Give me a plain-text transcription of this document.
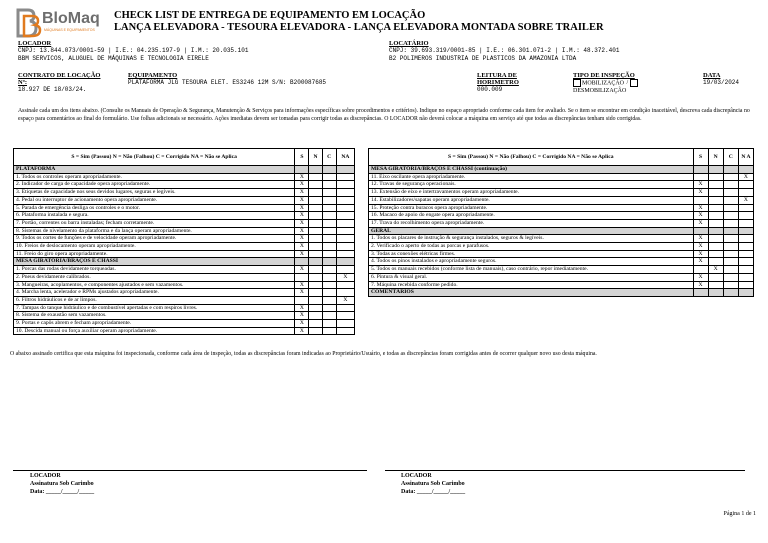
BloMaq
MÁQUINAS E EQUIPAMENTOS
CHECK LIST DE ENTREGA DE EQUIPAMENTO EM LOCAÇÃO
LANÇA ELEVADORA - TESOURA ELEVADORA - LANÇA ELEVADORA MONTADA SOBRE TRAILER
LOCADOR
CNPJ: 13.844.073/0001-59 | I.E.: 04.235.197-9 | I.M.: 20.035.101
BBM SERVICOS, ALUGUEL DE MÁQUINAS E TECNOLOGIA EIRELE
LOCATÁRIO
CNPJ: 39.693.319/0001-85 | I.E.: 06.301.071-2 | I.M.: 48.372.401
B2 POLIMEROS INDUSTRIA DE PLASTICOS DA AMAZONIA LTDA
CONTRATO DE LOCAÇÃO
Nº:
18.927 DE 18/03/24.
EQUIPAMENTO
PLATAFORMA JLG TESOURA ELET. ES3246 12M S/N: B200087685
LEITURA DE
HORIMETRO
000.009
TIPO DE INSPEÇÃO
MOBILIZAÇÃO /
DESMOBILIZAÇÃO
DATA
19/03/2024
Assinale cada um dos itens abaixo. (Consulte os Manuais de Operação & Segurança, Manutenção & Serviços para informações específicas sobre procedimentos e critérios). Indique no espaço apropriado conforme cada item for avaliado. Se o item se encontrar em condição inaceitável, descreva cada discrepância no espaço para comentários ao final do formulário. Use folhas adicionais se necessário. Ações imediatas devem ser tomadas para corrigir todas as discrepâncias. O LOCADOR não deverá colocar a máquina em serviço até que todas as discrepâncias tenham sido corrigidas.
S = Sim (Passou) N = Não (Falhou) C = Corrigido NA = Não se Aplica	S	N	C	NA
PLATAFORMA				
1. Todos os controles operam apropriadamente.	X			
2. Indicador de carga de capacidade opera apropriadamente.	X			
3. Etiquetas de capacidade nos seus devidos lugares, seguras e legíveis.	X			
4. Pedal ou interruptor de acionamento opera apropriadamente.	X			
5. Parada de emergência desliga os controles e o motor.	X			
6. Plataforma instalada e segura.	X			
7. Portão, correntes ou barra instaladas; fecham corretamente.	X			
8. Sistemas de nivelamento da plataforma e da lança operam apropriadamente.	X			
9. Todos os cortes de funções e de velocidade operam apropriadamente.	X			
10. Freios de deslocamento operam apropriadamente.	X			
11. Freio do giro opera apropriadamente.	X			
MESA GIRATÓRIA/BRAÇOS E CHASSI				
1. Porcas das rodas devidamente torqueadas.	X			
2. Pneus devidamente calibrados.				X
3. Mangueiras, acoplamentos, e componentes ajustados e sem vazamentos.	X			
4. Marcha lenta, acelerador e RPMs ajustados apropriadamente.	X			
6. Filtros hidráulicos e de ar limpos.				X
7. Tampas do tanque hidráulico e de combustível apertadas e com respiros livres.	X			
8. Sistema de exaustão sem vazamentos.	X			
9. Portas e capôs abrem e fecham apropriadamente.	X			
10. Descida manual ou força auxiliar operam apropriadamente.	X			
S = Sim (Passou) N = Não (Falhou) C = Corrigido NA = Não se Aplica	S	N	C	N A
MESA GIRATÓRIA/BRAÇOS E CHASSI (continuação)				
11. Eixo oscilante opera apropriadamente.				X
12. Travas de segurança operacionais.	X			
13. Extensão de eixo e intertravamentos operam apropriadamente.	X			
14. Estabilizadores/sapatas operam apropriadamente.				X
15. Proteção contra buracos opera apropriadamente.	X			
16. Macaco de apoio do engate opera apropriadamente.	X			
17. Trava do recolhimento opera apropriadamente.	X			
GERAL				
1. Todos os placares de instrução & segurança instalados, seguros & legíveis.	X			
2. Verificado o aperto de todas as porcas e parafusos.	X			
3. Todas as conexões elétricas firmes.	X			
4. Todos os pinos instalados e apropriadamente seguros.	X			
5. Todos os manuais recebidos (conforme lista de manuais), caso contrário, repor imediatamente.		X		
6. Pintura & visual geral.	X			
7. Máquina recebida conforme pedido.	X			
COMENTÁRIOS				
O abaixo assinado certifica que esta máquina foi inspecionada, conforme cada área de inspeção, todas as discrepâncias foram indicadas ao Proprietário/Usuário, e todas as discrepâncias foram corrigidas antes de ocorrer qualquer novo uso desta máquina.
LOCADOR
Assinatura Sob Carimbo
Data: _____/_____/_____
LOCADOR
Assinatura Sob Carimbo
Data: _____/_____/_____
Página 1 de 1
